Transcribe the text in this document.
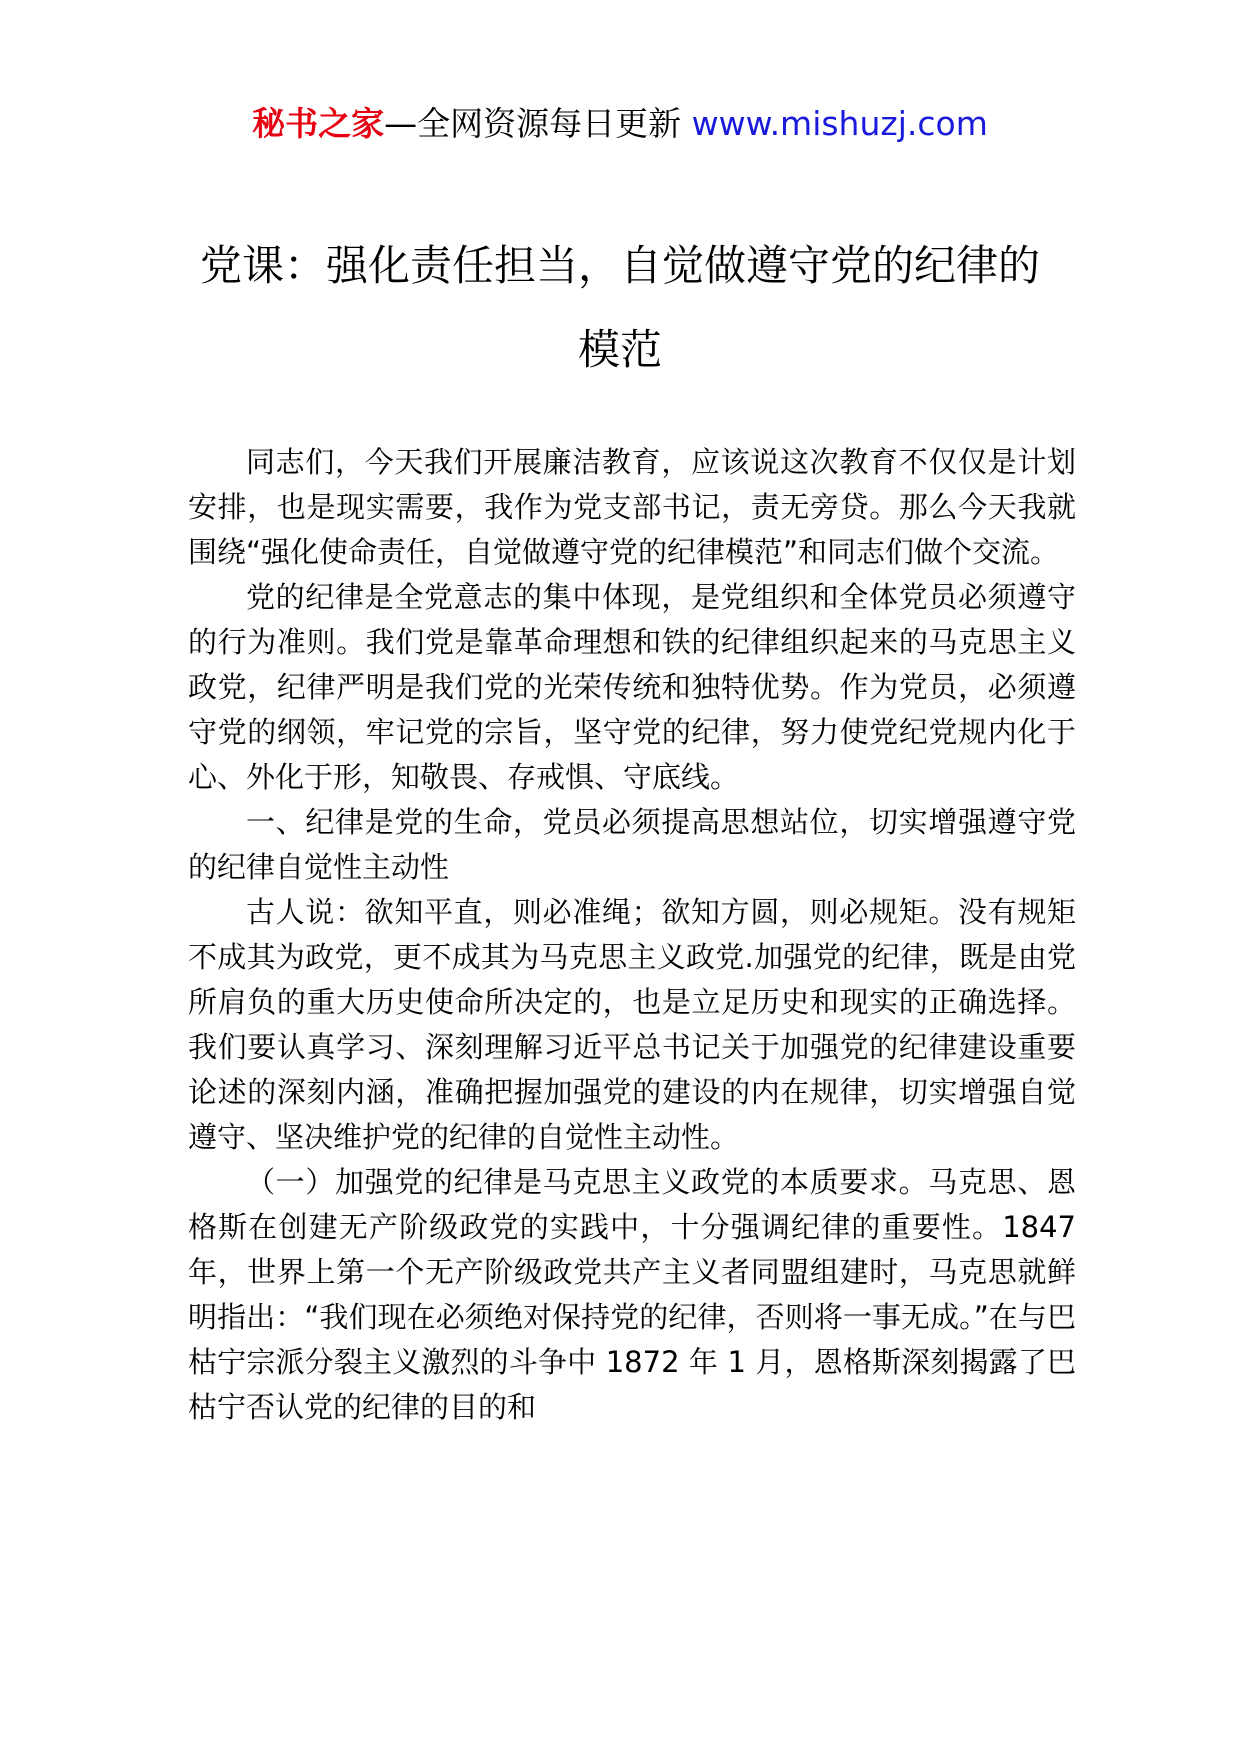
秘书之家—全网资源每日更新 www.mishuzj.com
党课：强化责任担当，自觉做遵守党的纪律的模范

同志们，今天我们开展廉洁教育，应该说这次教育不仅仅是计划安排，也是现实需要，我作为党支部书记，责无旁贷。那么今天我就围绕“强化使命责任，自觉做遵守党的纪律模范”和同志们做个交流。

党的纪律是全党意志的集中体现，是党组织和全体党员必须遵守的行为准则。我们党是靠革命理想和铁的纪律组织起来的马克思主义政党，纪律严明是我们党的光荣传统和独特优势。作为党员，必须遵守党的纲领，牢记党的宗旨，坚守党的纪律，努力使党纪党规内化于心、外化于形，知敬畏、存戒惧、守底线。

一、纪律是党的生命，党员必须提高思想站位，切实增强遵守党的纪律自觉性主动性

古人说：欲知平直，则必准绳；欲知方圆，则必规矩。没有规矩不成其为政党，更不成其为马克思主义政党.加强党的纪律，既是由党所肩负的重大历史使命所决定的，也是立足历史和现实的正确选择。我们要认真学习、深刻理解习近平总书记关于加强党的纪律建设重要论述的深刻内涵，准确把握加强党的建设的内在规律，切实增强自觉遵守、坚决维护党的纪律的自觉性主动性。

（一）加强党的纪律是马克思主义政党的本质要求。马克思、恩格斯在创建无产阶级政党的实践中，十分强调纪律的重要性。1847 年，世界上第一个无产阶级政党共产主义者同盟组建时，马克思就鲜明指出：“我们现在必须绝对保持党的纪律，否则将一事无成。”在与巴枯宁宗派分裂主义激烈的斗争中 1872 年 1 月，恩格斯深刻揭露了巴枯宁否认党的纪律的目的和
